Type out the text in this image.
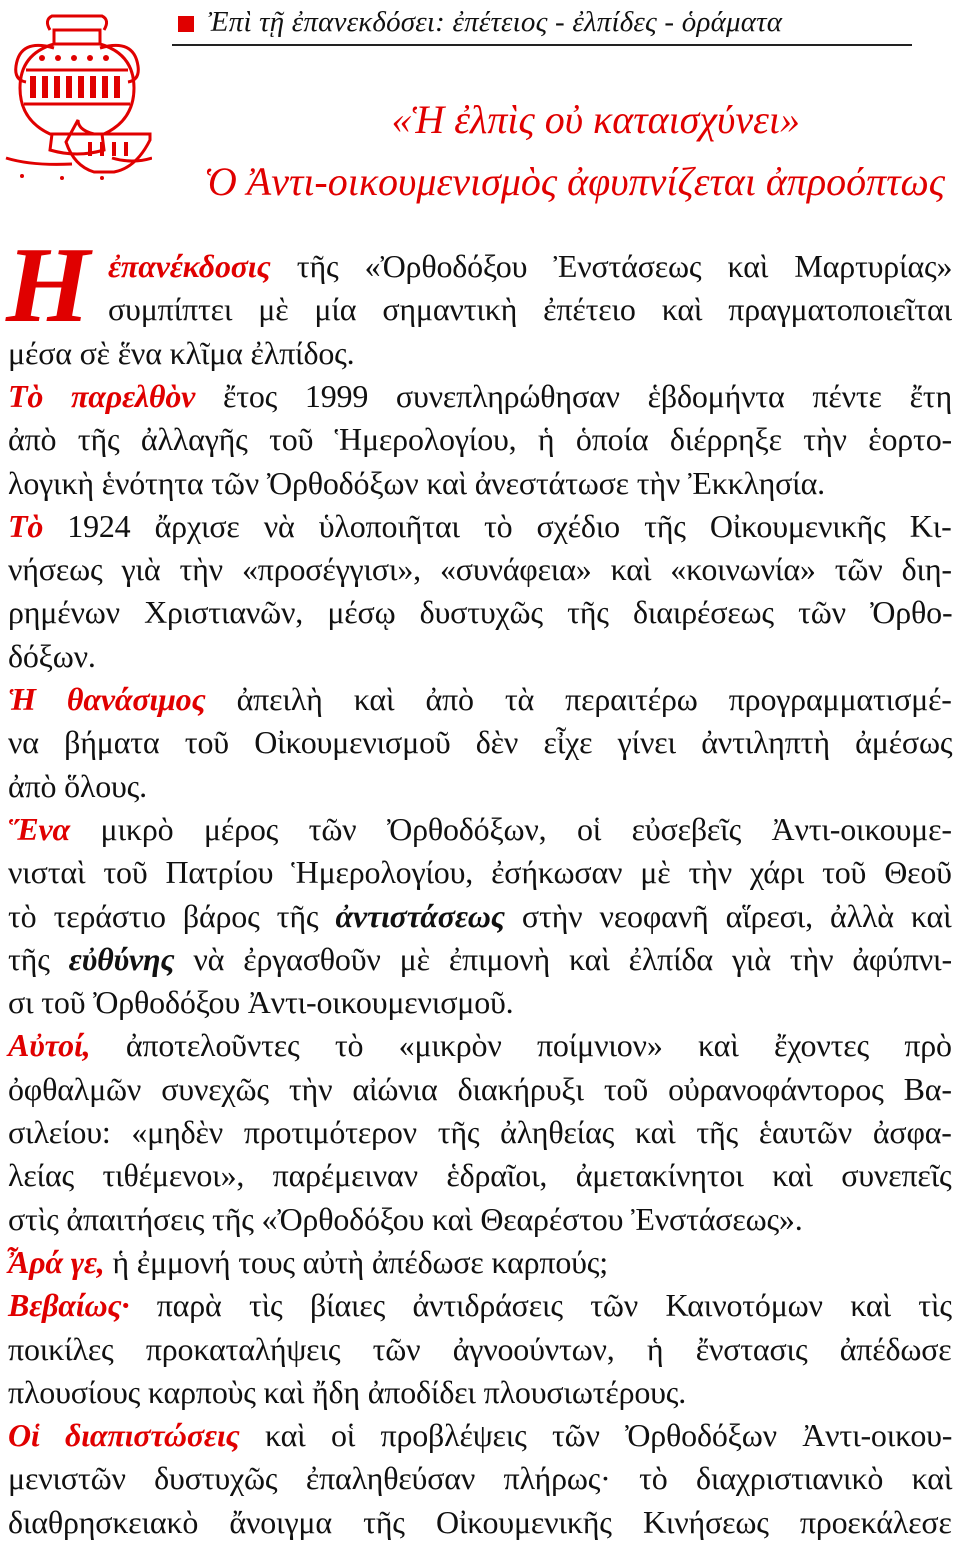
Ἐπὶ τῇ ἐπανεκδόσει: ἐπέτειος - ἐλπίδες - ὁράματα
«Ἡ ἐλπὶς οὐ καταισχύνει»
Ὁ Ἀντι-οικουμενισμὸς ἀφυπνίζεται ἀπροόπτως
Η ἐπανέκδοσις τῆς «Ὀρθοδόξου Ἐνστάσεως καὶ Μαρτυρίας»
συμπίπτει μὲ μία σημαντικὴ ἐπέτειο καὶ πραγματοποιεῖται
μέσα σὲ ἕνα κλῖμα ἐλπίδος.
Τὸ παρελθὸν ἔτος 1999 συνεπληρώθησαν ἑβδομήντα πέντε ἔτη
ἀπὸ τῆς ἀλλαγῆς τοῦ Ἡμερολογίου, ἡ ὁποία διέρρηξε τὴν ἑορτο-
λογικὴ ἑνότητα τῶν Ὀρθοδόξων καὶ ἀνεστάτωσε τὴν Ἐκκλησία.
Τὸ 1924 ἄρχισε νὰ ὑλοποιῆται τὸ σχέδιο τῆς Οἰκουμενικῆς Κι-
νήσεως γιὰ τὴν «προσέγγισι», «συνάφεια» καὶ «κοινωνία» τῶν διη-
ρημένων Χριστιανῶν, μέσῳ δυστυχῶς τῆς διαιρέσεως τῶν Ὀρθο-
δόξων.
Ἡ θανάσιμος ἀπειλὴ καὶ ἀπὸ τὰ περαιτέρω προγραμματισμέ-
να βήματα τοῦ Οἰκουμενισμοῦ δὲν εἶχε γίνει ἀντιληπτὴ ἀμέσως
ἀπὸ ὅλους.
Ἕνα μικρὸ μέρος τῶν Ὀρθοδόξων, οἱ εὐσεβεῖς Ἀντι-οικουμε-
νισταὶ τοῦ Πατρίου Ἡμερολογίου, ἐσήκωσαν μὲ τὴν χάρι τοῦ Θεοῦ
τὸ τεράστιο βάρος τῆς ἀντιστάσεως στὴν νεοφανῆ αἵρεσι, ἀλλὰ καὶ
τῆς εὐθύνης νὰ ἐργασθοῦν μὲ ἐπιμονὴ καὶ ἐλπίδα γιὰ τὴν ἀφύπνι-
σι τοῦ Ὀρθοδόξου Ἀντι-οικουμενισμοῦ.
Αὐτοί, ἀποτελοῦντες τὸ «μικρὸν ποίμνιον» καὶ ἔχοντες πρὸ
ὀφθαλμῶν συνεχῶς τὴν αἰώνια διακήρυξι τοῦ οὐρανοφάντορος Βα-
σιλείου: «μηδὲν προτιμότερον τῆς ἀληθείας καὶ τῆς ἑαυτῶν ἀσφα-
λείας τιθέμενοι», παρέμειναν ἑδραῖοι, ἀμετακίνητοι καὶ συνεπεῖς
στὶς ἀπαιτήσεις τῆς «Ὀρθοδόξου καὶ Θεαρέστου Ἐνστάσεως».
Ἆρά γε, ἡ ἐμμονή τους αὐτὴ ἀπέδωσε καρπούς;
Βεβαίως· παρὰ τὶς βίαιες ἀντιδράσεις τῶν Καινοτόμων καὶ τὶς
ποικίλες προκαταλήψεις τῶν ἀγνοούντων, ἡ ἔνστασις ἀπέδωσε
πλουσίους καρποὺς καὶ ἤδη ἀποδίδει πλουσιωτέρους.
Οἱ διαπιστώσεις καὶ οἱ προβλέψεις τῶν Ὀρθοδόξων Ἀντι-οικου-
μενιστῶν δυστυχῶς ἐπαληθεύσαν πλήρως· τὸ διαχριστιανικὸ καὶ
διαθρησκειακὸ ἄνοιγμα τῆς Οἰκουμενικῆς Κινήσεως προεκάλεσε
